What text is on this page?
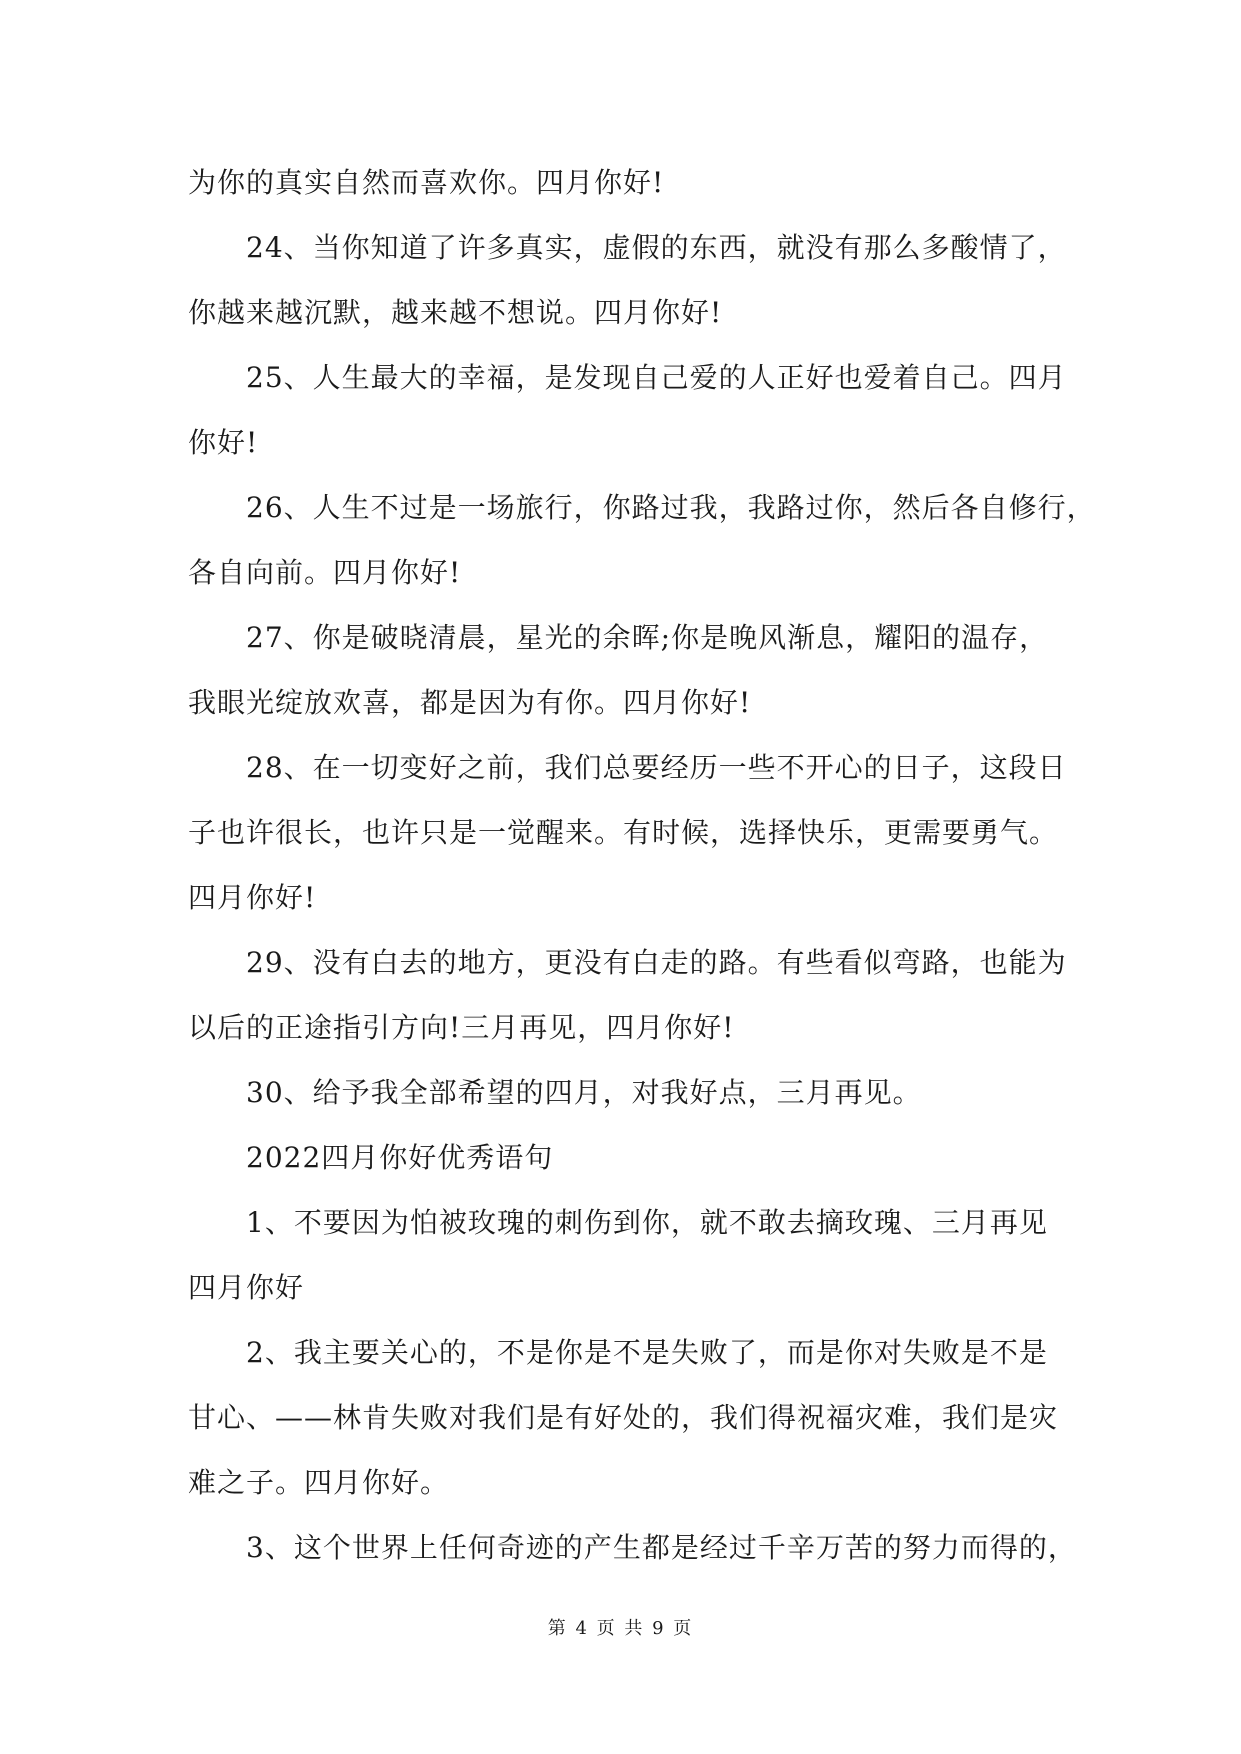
为你的真实自然而喜欢你。四月你好!
24、当你知道了许多真实，虚假的东西，就没有那么多酸情了，
你越来越沉默，越来越不想说。四月你好!
25、人生最大的幸福，是发现自己爱的人正好也爱着自己。四月
你好!
26、人生不过是一场旅行，你路过我，我路过你，然后各自修行，
各自向前。四月你好!
27、你是破晓清晨，星光的余晖;你是晚风渐息，耀阳的温存，
我眼光绽放欢喜，都是因为有你。四月你好!
28、在一切变好之前，我们总要经历一些不开心的日子，这段日
子也许很长，也许只是一觉醒来。有时候，选择快乐，更需要勇气。
四月你好!
29、没有白去的地方，更没有白走的路。有些看似弯路，也能为
以后的正途指引方向!三月再见，四月你好!
30、给予我全部希望的四月，对我好点，三月再见。
2022四月你好优秀语句
1、不要因为怕被玫瑰的刺伤到你，就不敢去摘玫瑰、三月再见
四月你好
2、我主要关心的，不是你是不是失败了，而是你对失败是不是
甘心、——林肯失败对我们是有好处的，我们得祝福灾难，我们是灾
难之子。四月你好。
3、这个世界上任何奇迹的产生都是经过千辛万苦的努力而得的，
第 4 页 共 9 页
